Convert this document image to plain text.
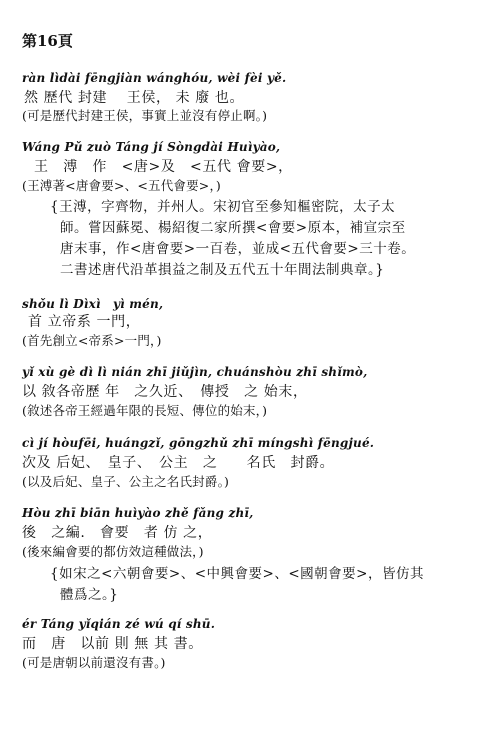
第16頁
ràn lìdài fēngjiàn wánghóu, wèi fèi yě.
然 歷代 封建　 王侯， 未 廢 也。
(可是歷代封建王侯，事實上並沒有停止啊。)
Wáng Pǔ zuò Táng jí Sòngdài Huìyào,
王　溥　作　<唐>及　<五代 會要>，
(王溥著<唐會要>、<五代會要>，)
{王溥，字齊物，并州人。宋初官至參知樞密院，太子太
師。嘗因蘇冕、楊紹復二家所撰<會要>原本，補宣宗至
唐末事，作<唐會要>一百卷，並成<五代會要>三十卷。
二書述唐代沿革損益之制及五代五十年間法制典章。}
shǒu lì Dìxì　yì mén,
首 立帝系 一門，
(首先創立<帝系>一門，)
yǐ xù gè dì lì nián zhī jiǔjìn, chuánshòu zhī shǐmò,
以 敘各帝歷 年　之久近、　傳授　之 始末，
(敘述各帝王經過年限的長短、傳位的始末，)
cì jí hòufēi, huángzǐ, gōngzhǔ zhī míngshì fēngjué.
次及 后妃、　皇子、　公主　之　　名氏　封爵。
(以及后妃、皇子、公主之名氏封爵。)
Hòu zhī biān huìyào zhě fǎng zhī,
後　之編.　會要　者 仿 之，
(後來編會要的都仿效這種做法，)
{如宋之<六朝會要>、<中興會要>、<國朝會要>，皆仿其
體爲之。}
ér Táng yǐqián zé wú qí shū.
而　唐　以前 則 無 其 書。
(可是唐朝以前還沒有書。)
